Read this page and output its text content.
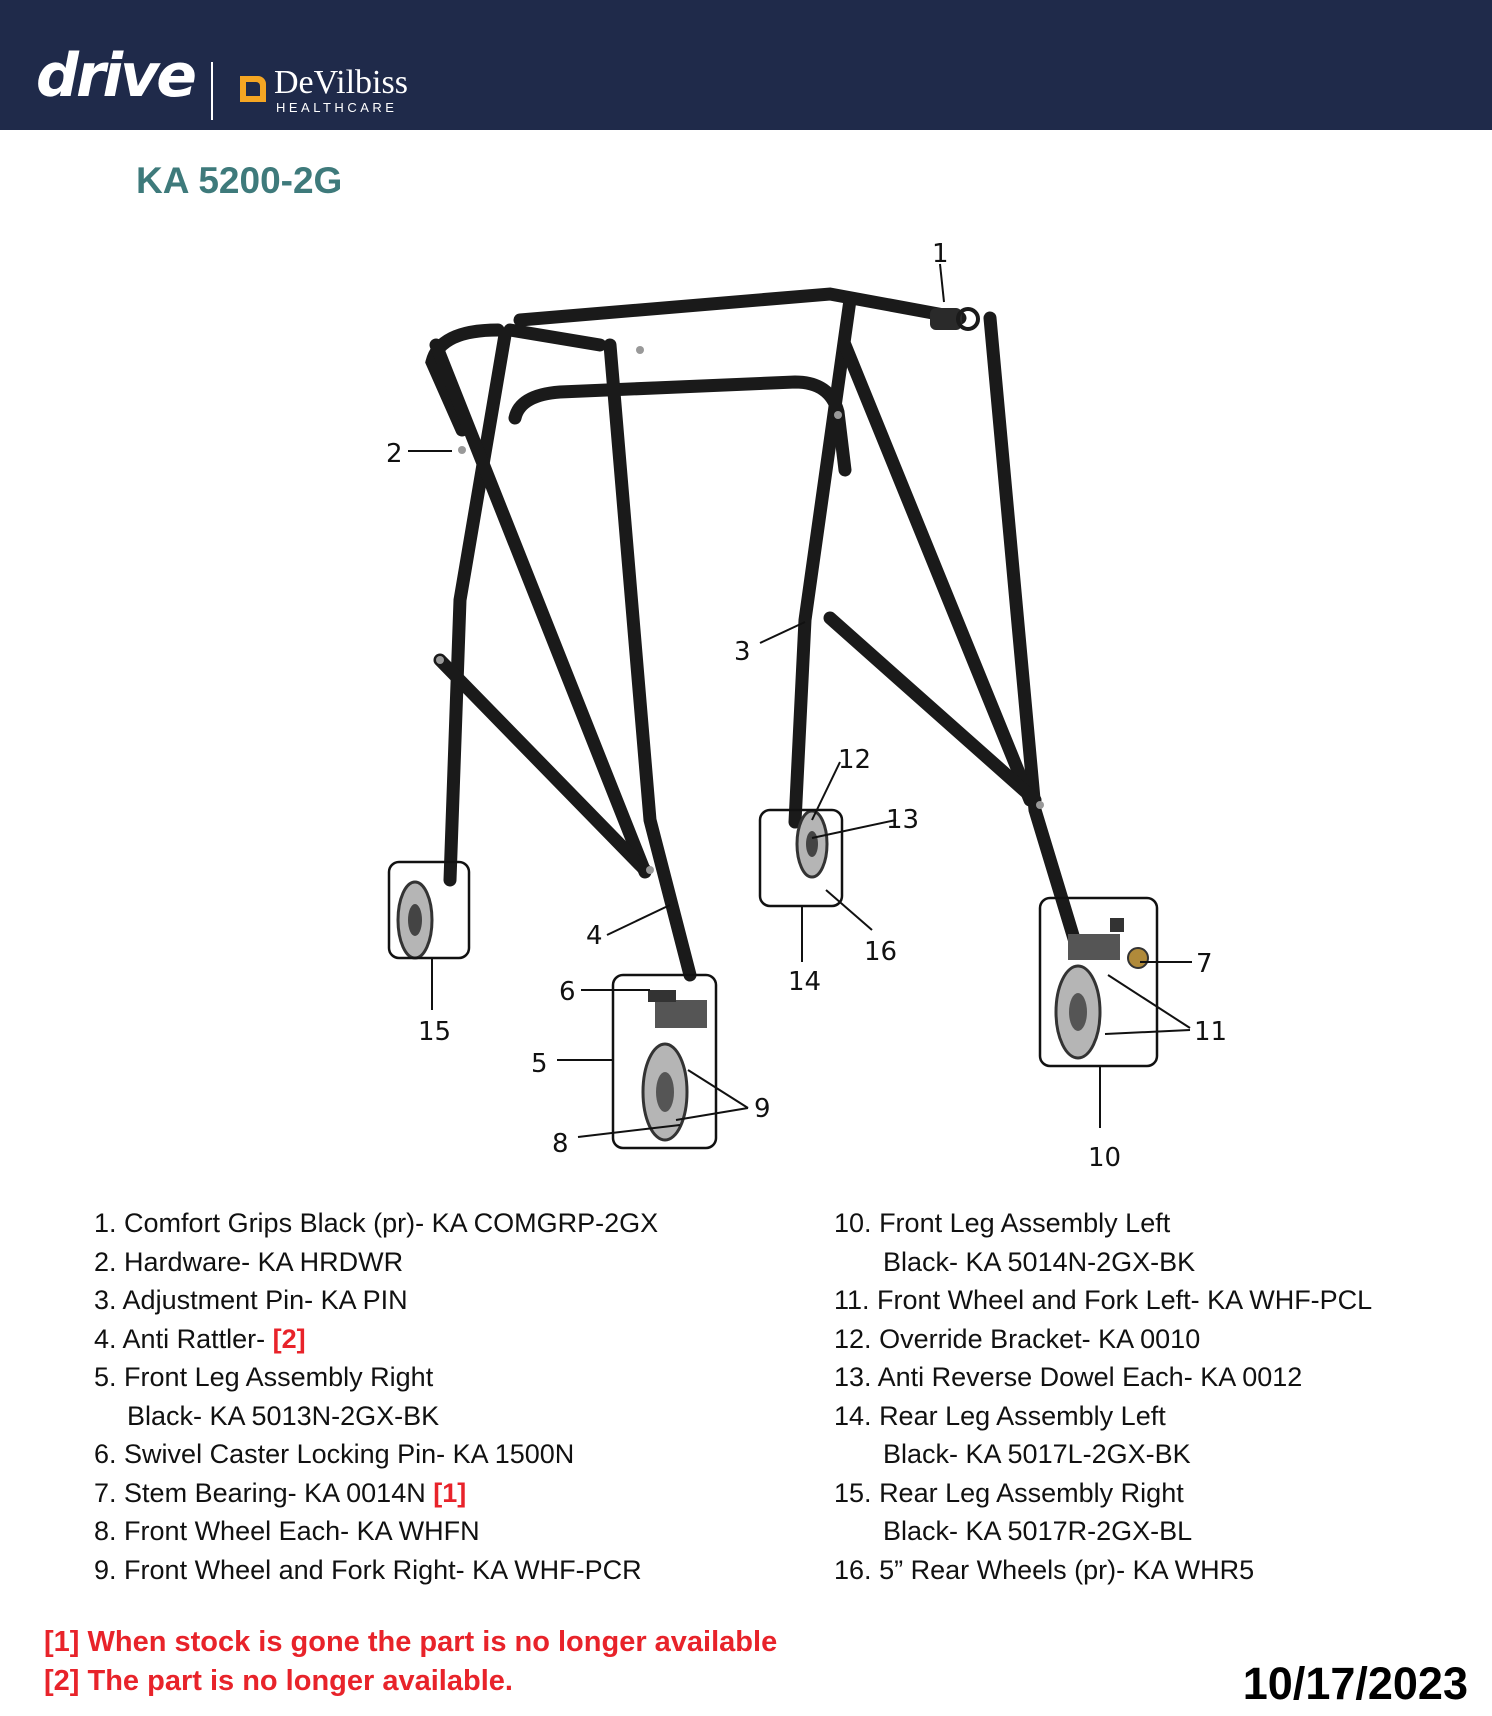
drive DeVilbiss
HEALTHCARE
KA 5200-2G
1
2
3
4
5
6
7
8
9
10
11
12
13
14
15
16
1. Comfort Grips Black (pr)- KA COMGRP-2GX
2. Hardware- KA HRDWR
3. Adjustment Pin- KA PIN
4. Anti Rattler- [2]
5. Front Leg Assembly Right
Black- KA 5013N-2GX-BK
6. Swivel Caster Locking Pin- KA 1500N
7. Stem Bearing- KA 0014N [1]
8. Front Wheel Each- KA WHFN
9. Front Wheel and Fork Right- KA WHF-PCR
10. Front Leg Assembly Left
Black- KA 5014N-2GX-BK
11. Front Wheel and Fork Left- KA WHF-PCL
12. Override Bracket- KA 0010
13. Anti Reverse Dowel Each- KA 0012
14. Rear Leg Assembly Left
Black- KA 5017L-2GX-BK
15. Rear Leg Assembly Right
Black- KA 5017R-2GX-BL
16. 5” Rear Wheels (pr)- KA WHR5
[1] When stock is gone the part is no longer available
[2] The part is no longer available.	10/17/2023
